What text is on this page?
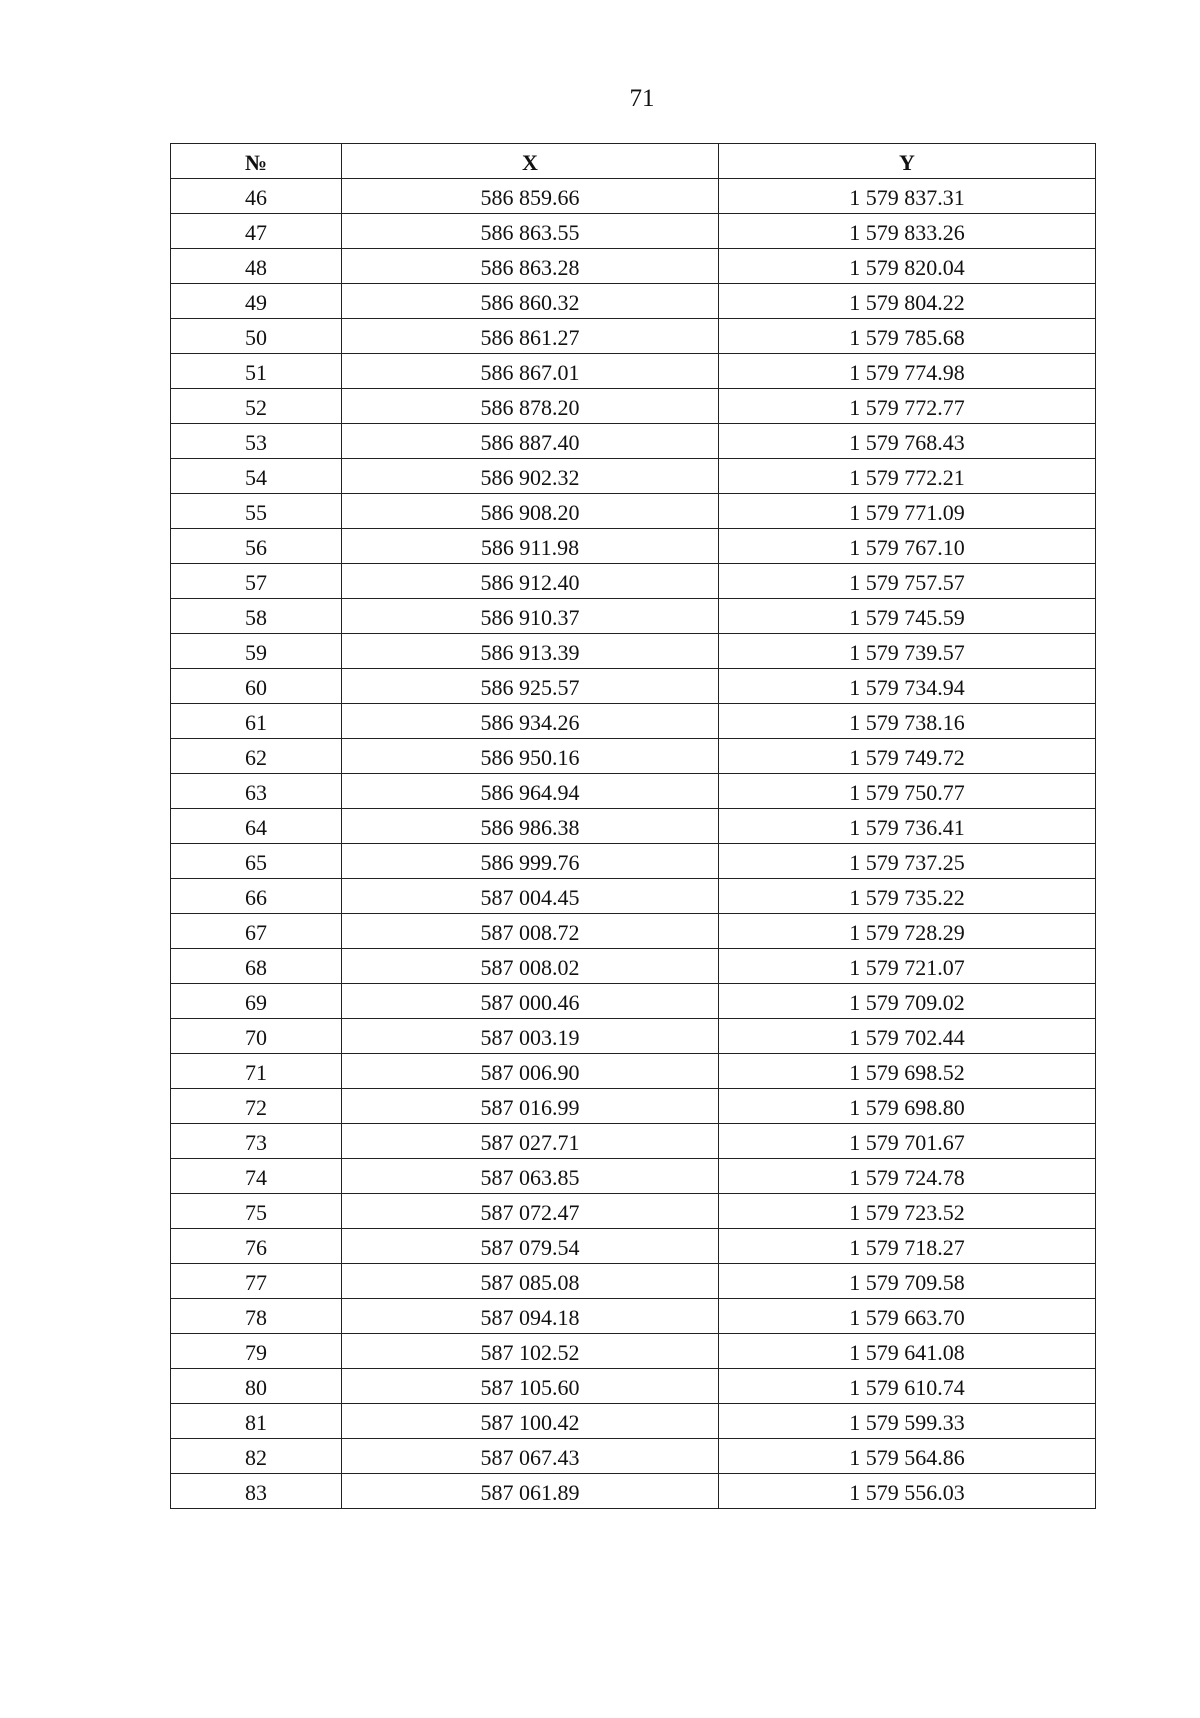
71
№	X	Y
46	586 859.66	1 579 837.31
47	586 863.55	1 579 833.26
48	586 863.28	1 579 820.04
49	586 860.32	1 579 804.22
50	586 861.27	1 579 785.68
51	586 867.01	1 579 774.98
52	586 878.20	1 579 772.77
53	586 887.40	1 579 768.43
54	586 902.32	1 579 772.21
55	586 908.20	1 579 771.09
56	586 911.98	1 579 767.10
57	586 912.40	1 579 757.57
58	586 910.37	1 579 745.59
59	586 913.39	1 579 739.57
60	586 925.57	1 579 734.94
61	586 934.26	1 579 738.16
62	586 950.16	1 579 749.72
63	586 964.94	1 579 750.77
64	586 986.38	1 579 736.41
65	586 999.76	1 579 737.25
66	587 004.45	1 579 735.22
67	587 008.72	1 579 728.29
68	587 008.02	1 579 721.07
69	587 000.46	1 579 709.02
70	587 003.19	1 579 702.44
71	587 006.90	1 579 698.52
72	587 016.99	1 579 698.80
73	587 027.71	1 579 701.67
74	587 063.85	1 579 724.78
75	587 072.47	1 579 723.52
76	587 079.54	1 579 718.27
77	587 085.08	1 579 709.58
78	587 094.18	1 579 663.70
79	587 102.52	1 579 641.08
80	587 105.60	1 579 610.74
81	587 100.42	1 579 599.33
82	587 067.43	1 579 564.86
83	587 061.89	1 579 556.03
